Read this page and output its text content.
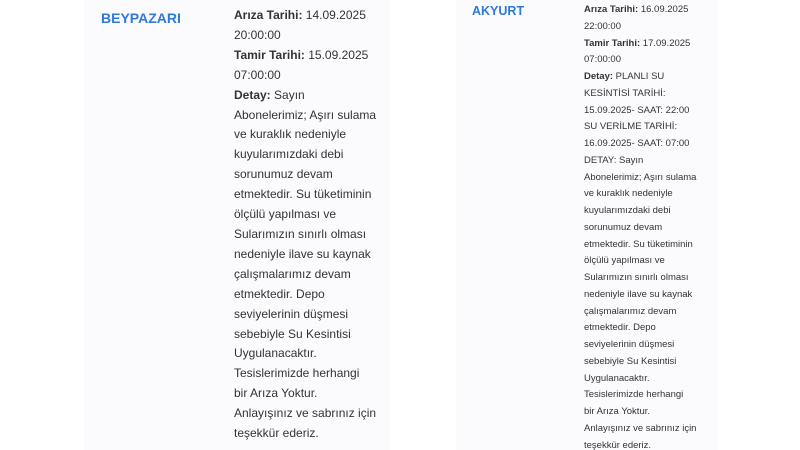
BEYPAZARI	Arıza Tarihi: 14.09.2025
20:00:00
Tamir Tarihi: 15.09.2025
07:00:00
Detay: Sayın
Abonelerimiz; Aşırı sulama
ve kuraklık nedeniyle
kuyularımızdaki debi
sorunumuz devam
etmektedir. Su tüketiminin
ölçülü yapılması ve
Sularımızın sınırlı olması
nedeniyle ilave su kaynak
çalışmalarımız devam
etmektedir. Depo
seviyelerinin düşmesi
sebebiyle Su Kesintisi
Uygulanacaktır.
Tesislerimizde herhangi
bir Arıza Yoktur.
Anlayışınız ve sabrınız için
teşekkür ederiz.
AKYURT	Arıza Tarihi: 16.09.2025
22:00:00
Tamir Tarihi: 17.09.2025
07:00:00
Detay: PLANLI SU
KESİNTİSİ TARİHİ:
15.09.2025- SAAT: 22:00
SU VERİLME TARİHİ:
16.09.2025- SAAT: 07:00
DETAY: Sayın
Abonelerimiz; Aşırı sulama
ve kuraklık nedeniyle
kuyularımızdaki debi
sorunumuz devam
etmektedir. Su tüketiminin
ölçülü yapılması ve
Sularımızın sınırlı olması
nedeniyle ilave su kaynak
çalışmalarımız devam
etmektedir. Depo
seviyelerinin düşmesi
sebebiyle Su Kesintisi
Uygulanacaktır.
Tesislerimizde herhangi
bir Arıza Yoktur.
Anlayışınız ve sabrınız için
teşekkür ederiz.
